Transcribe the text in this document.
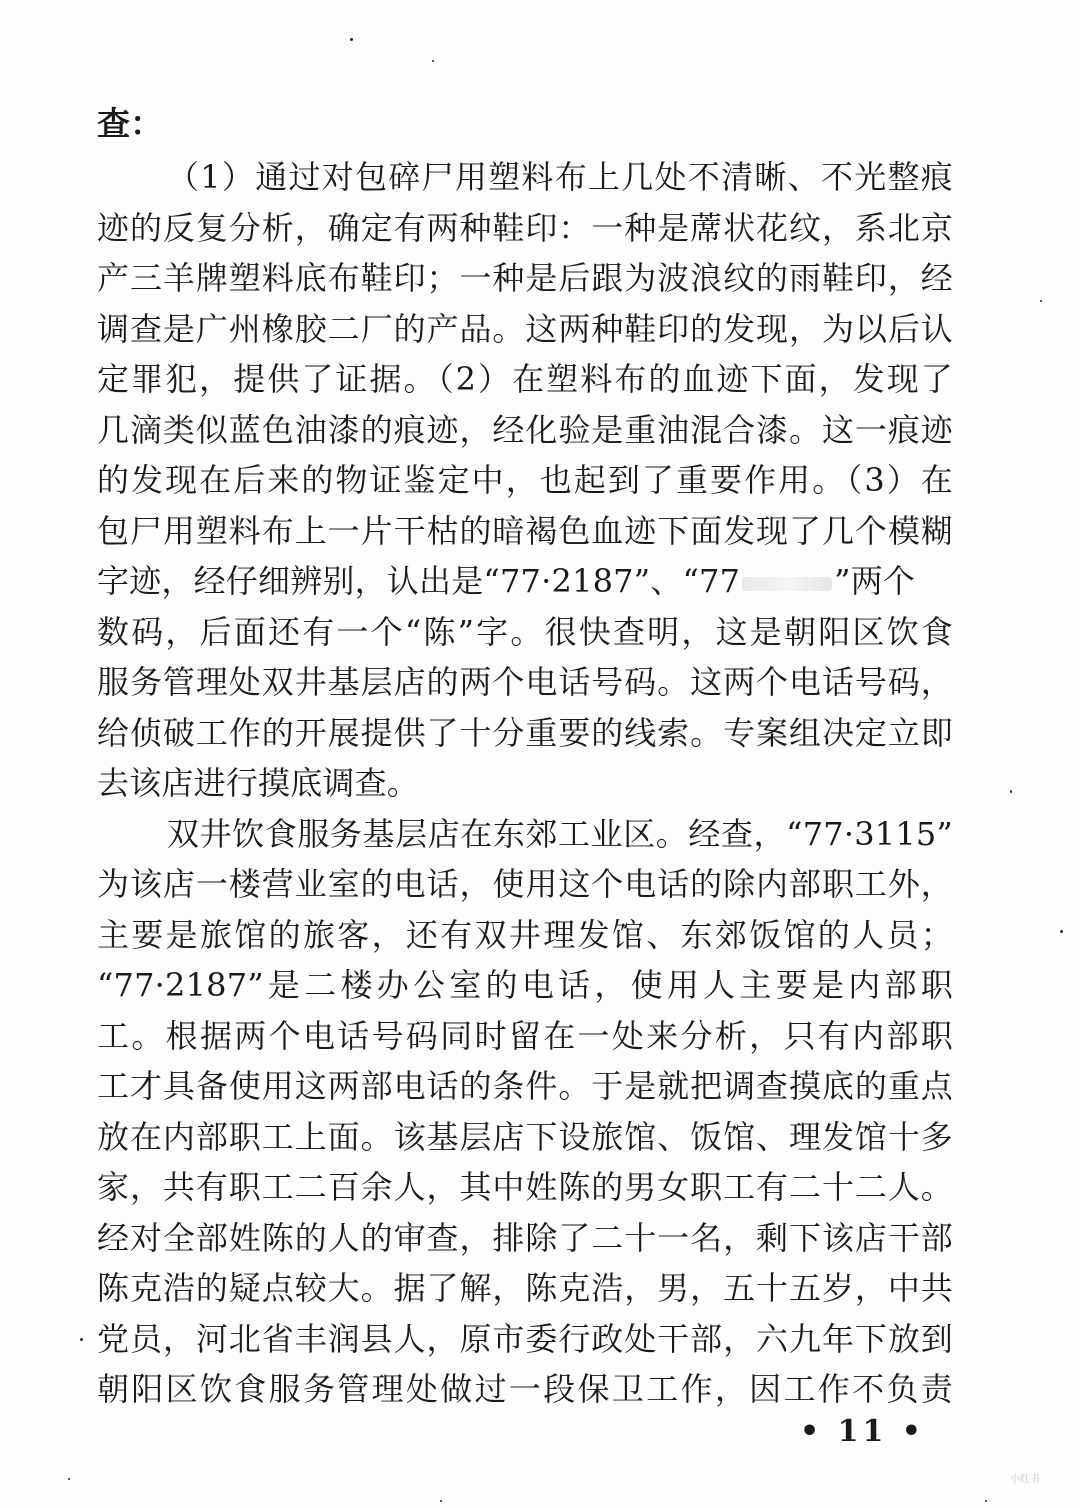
查：
（1）通过对包碎尸用塑料布上几处不清晰、不光整痕
迹的反复分析，确定有两种鞋印：一种是蓆状花纹，系北京
产三羊牌塑料底布鞋印；一种是后跟为波浪纹的雨鞋印，经
调查是广州橡胶二厂的产品。这两种鞋印的发现，为以后认
定罪犯，提供了证据。（2）在塑料布的血迹下面，发现了
几滴类似蓝色油漆的痕迹，经化验是重油混合漆。这一痕迹
的发现在后来的物证鉴定中，也起到了重要作用。（3）在
包尸用塑料布上一片干枯的暗褐色血迹下面发现了几个模糊
字迹，经仔细辨别，认出是“77·2187”、“77	”两个
数码，后面还有一个“陈”字。很快查明，这是朝阳区饮食
服务管理处双井基层店的两个电话号码。这两个电话号码，
给侦破工作的开展提供了十分重要的线索。专案组决定立即
去该店进行摸底调查。
双井饮食服务基层店在东郊工业区。经查，“77·3115”
为该店一楼营业室的电话，使用这个电话的除内部职工外，
主要是旅馆的旅客，还有双井理发馆、东郊饭馆的人员；
“77·2187”是二楼办公室的电话，使用人主要是内部职
工。根据两个电话号码同时留在一处来分析，只有内部职
工才具备使用这两部电话的条件。于是就把调查摸底的重点
放在内部职工上面。该基层店下设旅馆、饭馆、理发馆十多
家，共有职工二百余人，其中姓陈的男女职工有二十二人。
经对全部姓陈的人的审查，排除了二十一名，剩下该店干部
陈克浩的疑点较大。据了解，陈克浩，男，五十五岁，中共
党员，河北省丰润县人，原市委行政处干部，六九年下放到
朝阳区饮食服务管理处做过一段保卫工作，因工作不负责
• 11 •
小红书
